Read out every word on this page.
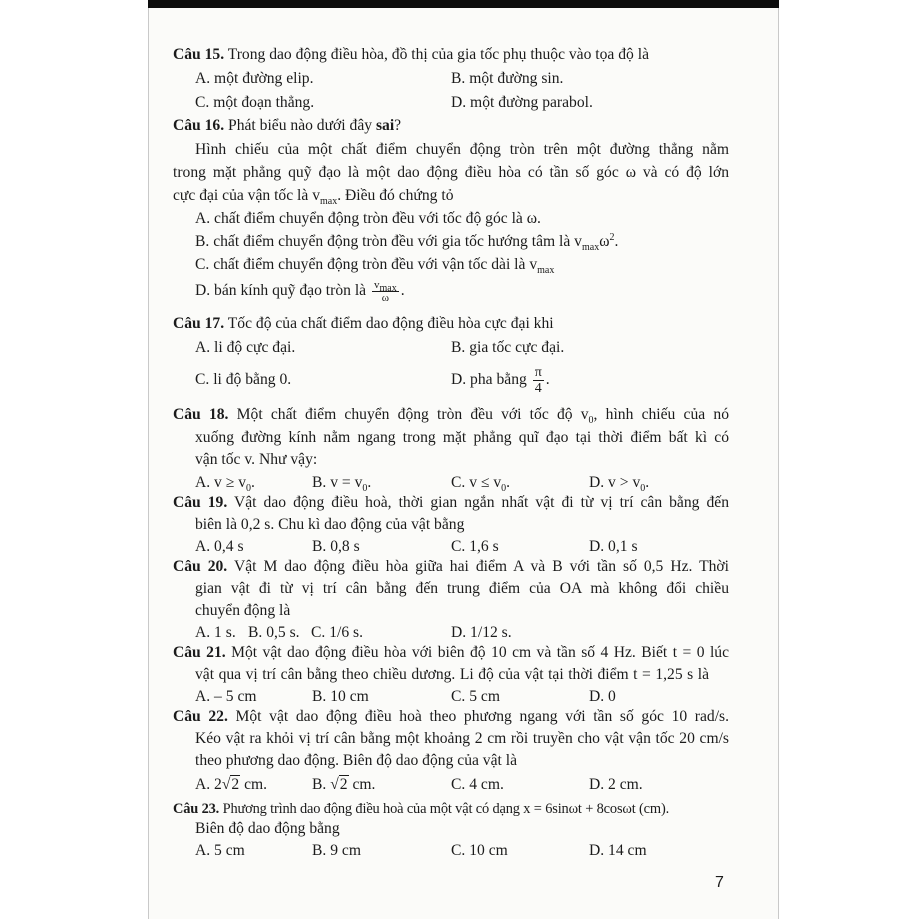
Câu 15. Trong dao động điều hòa, đồ thị của gia tốc phụ thuộc vào tọa độ là
A. một đường elip.	B. một đường sin.
C. một đoạn thẳng.	D. một đường parabol.
Câu 16. Phát biểu nào dưới đây sai?
Hình chiếu của một chất điểm chuyển động tròn trên một đường thẳng nằm
trong mặt phẳng quỹ đạo là một dao động điều hòa có tần số góc ω và có độ lớn
cực đại của vận tốc là $v_{max}$. Điều đó chứng tỏ
A. chất điểm chuyển động tròn đều với tốc độ góc là ω.
B. chất điểm chuyển động tròn đều với gia tốc hướng tâm là $v_{max}\omega^2$.
C. chất điểm chuyển động tròn đều với vận tốc dài là $v_{max}$
D. bán kính quỹ đạo tròn là $\frac{v_{max}}{\omega}$ .
Câu 17. Tốc độ của chất điểm dao động điều hòa cực đại khi
A. li độ cực đại.	B. gia tốc cực đại.
C. li độ bằng 0.	D. pha bằng $\frac{\pi}{4}$ .
Câu 18. Một chất điểm chuyển động tròn đều với tốc độ $v_0$, hình chiếu của nó
xuống đường kính nằm ngang trong mặt phẳng quĩ đạo tại thời điểm bất kì có
vận tốc v. Như vậy:
A. $v \ge v_0$.	B. $v = v_0$.	C. $v \le v_0$.	D. $v > v_0$.
Câu 19. Vật dao động điều hoà, thời gian ngắn nhất vật đi từ vị trí cân bằng đến
biên là 0,2 s. Chu kì dao động của vật bằng
A. 0,4 s	B. 0,8 s	C. 1,6 s	D. 0,1 s
Câu 20. Vật M dao động điều hòa giữa hai điểm A và B với tần số 0,5 Hz. Thời
gian vật đi từ vị trí cân bằng đến trung điểm của OA mà không đổi chiều
chuyển động là
A. 1 s. B. 0,5 s. C. 1/6 s.	D. 1/12 s.
Câu 21. Một vật dao động điều hòa với biên độ 10 cm và tần số 4 Hz. Biết t = 0 lúc
vật qua vị trí cân bằng theo chiều dương. Li độ của vật tại thời điểm t = 1,25 s là
A. – 5 cm	B. 10 cm	C. 5 cm	D. 0
Câu 22. Một vật dao động điều hoà theo phương ngang với tần số góc 10 rad/s.
Kéo vật ra khỏi vị trí cân bằng một khoảng 2 cm rồi truyền cho vật vận tốc 20 cm/s
theo phương dao động. Biên độ dao động của vật là
A. 2√2 cm.	B. √2 cm.	C. 4 cm.	D. 2 cm.
Câu 23. Phương trình dao động điều hoà của một vật có dạng x = 6sinωt + 8cosωt (cm).
Biên độ dao động bằng
A. 5 cm	B. 9 cm	C. 10 cm	D. 14 cm
7
